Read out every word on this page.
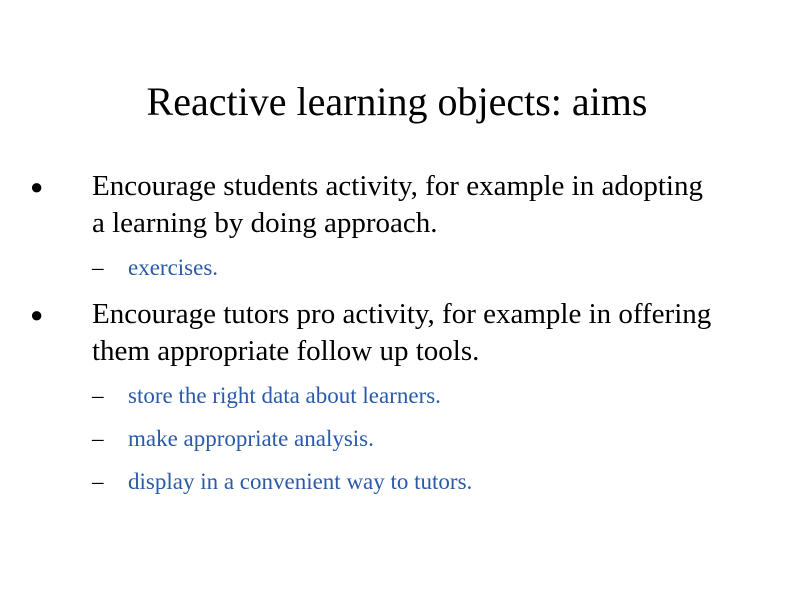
Reactive learning objects: aims
● Encourage students activity, for example in adopting a learning by doing approach.
– exercises.
● Encourage tutors pro activity, for example in offering them appropriate follow up tools.
– store the right data about learners.
– make appropriate analysis.
– display in a convenient way to tutors.
